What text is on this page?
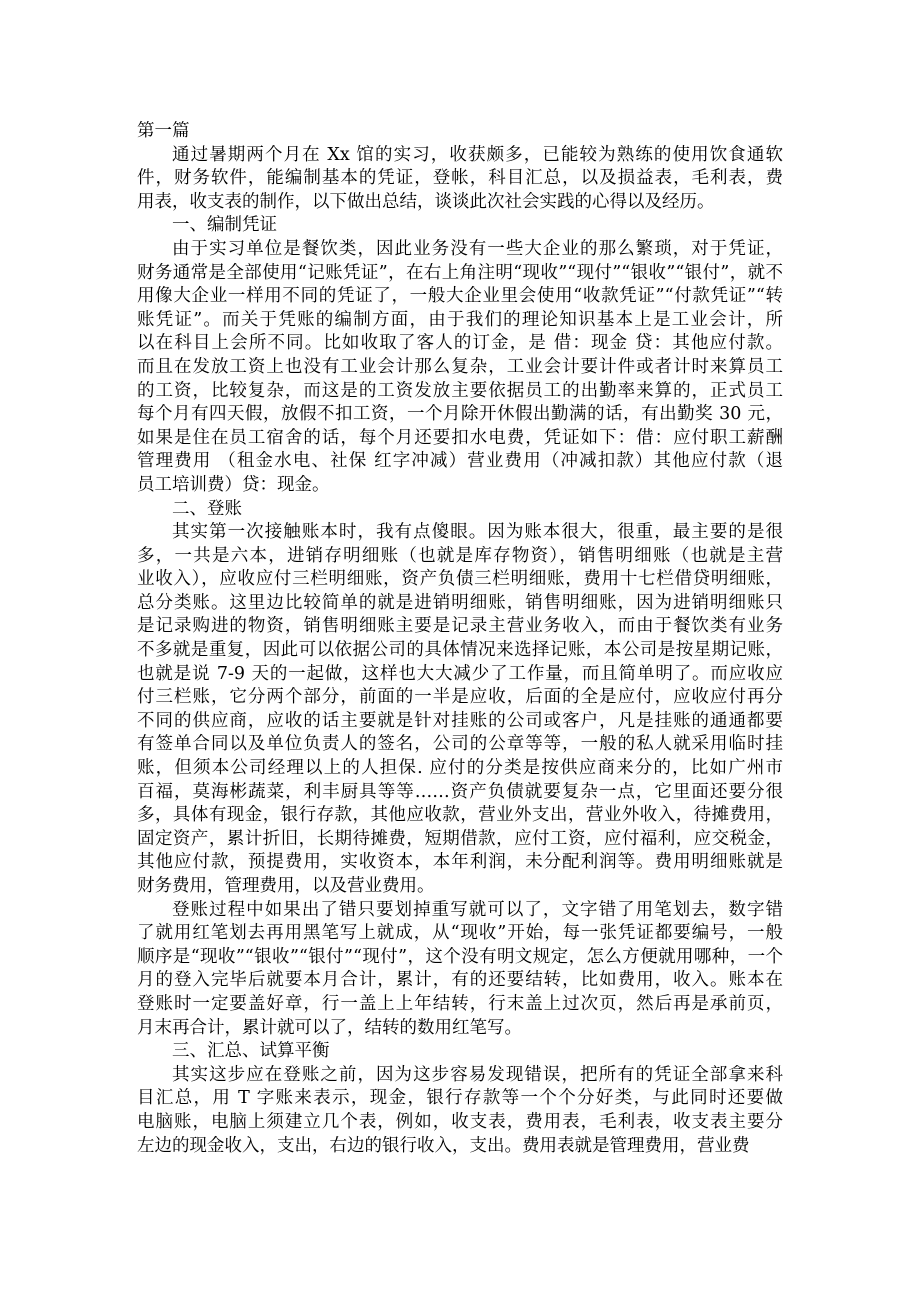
第一篇
通过暑期两个月在 Xx 馆的实习，收获颇多，已能较为熟练的使用饮食通软
件，财务软件，能编制基本的凭证，登帐，科目汇总，以及损益表，毛利表，费
用表，收支表的制作，以下做出总结，谈谈此次社会实践的心得以及经历。
一、编制凭证
由于实习单位是餐饮类，因此业务没有一些大企业的那么繁琐，对于凭证，
财务通常是全部使用“记账凭证”，在右上角注明“现收”“现付”“银收”“银付”，就不
用像大企业一样用不同的凭证了，一般大企业里会使用“收款凭证”“付款凭证”“转
账凭证”。而关于凭账的编制方面，由于我们的理论知识基本上是工业会计，所
以在科目上会所不同。比如收取了客人的订金，是 借：现金 贷：其他应付款。
而且在发放工资上也没有工业会计那么复杂，工业会计要计件或者计时来算员工
的工资，比较复杂，而这是的工资发放主要依据员工的出勤率来算的，正式员工
每个月有四天假，放假不扣工资，一个月除开休假出勤满的话，有出勤奖 30 元，
如果是住在员工宿舍的话，每个月还要扣水电费，凭证如下：借：应付职工薪酬
管理费用 （租金水电、社保 红字冲减）营业费用（冲减扣款）其他应付款（退
员工培训费）贷：现金。
二、登账
其实第一次接触账本时，我有点傻眼。因为账本很大，很重，最主要的是很
多，一共是六本，进销存明细账（也就是库存物资），销售明细账（也就是主营
业收入），应收应付三栏明细账，资产负债三栏明细账，费用十七栏借贷明细账，
总分类账。这里边比较简单的就是进销明细账，销售明细账，因为进销明细账只
是记录购进的物资，销售明细账主要是记录主营业务收入，而由于餐饮类有业务
不多就是重复，因此可以依据公司的具体情况来选择记账，本公司是按星期记账，
也就是说 7-9 天的一起做，这样也大大减少了工作量，而且简单明了。而应收应
付三栏账，它分两个部分，前面的一半是应收，后面的全是应付，应收应付再分
不同的供应商，应收的话主要就是针对挂账的公司或客户，凡是挂账的通通都要
有签单合同以及单位负责人的签名，公司的公章等等，一般的私人就采用临时挂
账，但须本公司经理以上的人担保. 应付的分类是按供应商来分的，比如广州市
百福，莫海彬蔬菜，利丰厨具等等……资产负债就要复杂一点，它里面还要分很
多，具体有现金，银行存款，其他应收款，营业外支出，营业外收入，待摊费用，
固定资产，累计折旧，长期待摊费，短期借款，应付工资，应付福利，应交税金，
其他应付款，预提费用，实收资本，本年利润，未分配利润等。费用明细账就是
财务费用，管理费用，以及营业费用。
登账过程中如果出了错只要划掉重写就可以了，文字错了用笔划去，数字错
了就用红笔划去再用黑笔写上就成，从“现收”开始，每一张凭证都要编号，一般
顺序是“现收”“银收”“银付”“现付”，这个没有明文规定，怎么方便就用哪种，一个
月的登入完毕后就要本月合计，累计，有的还要结转，比如费用，收入。账本在
登账时一定要盖好章，行一盖上上年结转，行末盖上过次页，然后再是承前页，
月末再合计，累计就可以了，结转的数用红笔写。
三、汇总、试算平衡
其实这步应在登账之前，因为这步容易发现错误，把所有的凭证全部拿来科
目汇总，用 T 字账来表示，现金，银行存款等一个个分好类，与此同时还要做
电脑账，电脑上须建立几个表，例如，收支表，费用表，毛利表，收支表主要分
左边的现金收入，支出，右边的银行收入，支出。费用表就是管理费用，营业费
